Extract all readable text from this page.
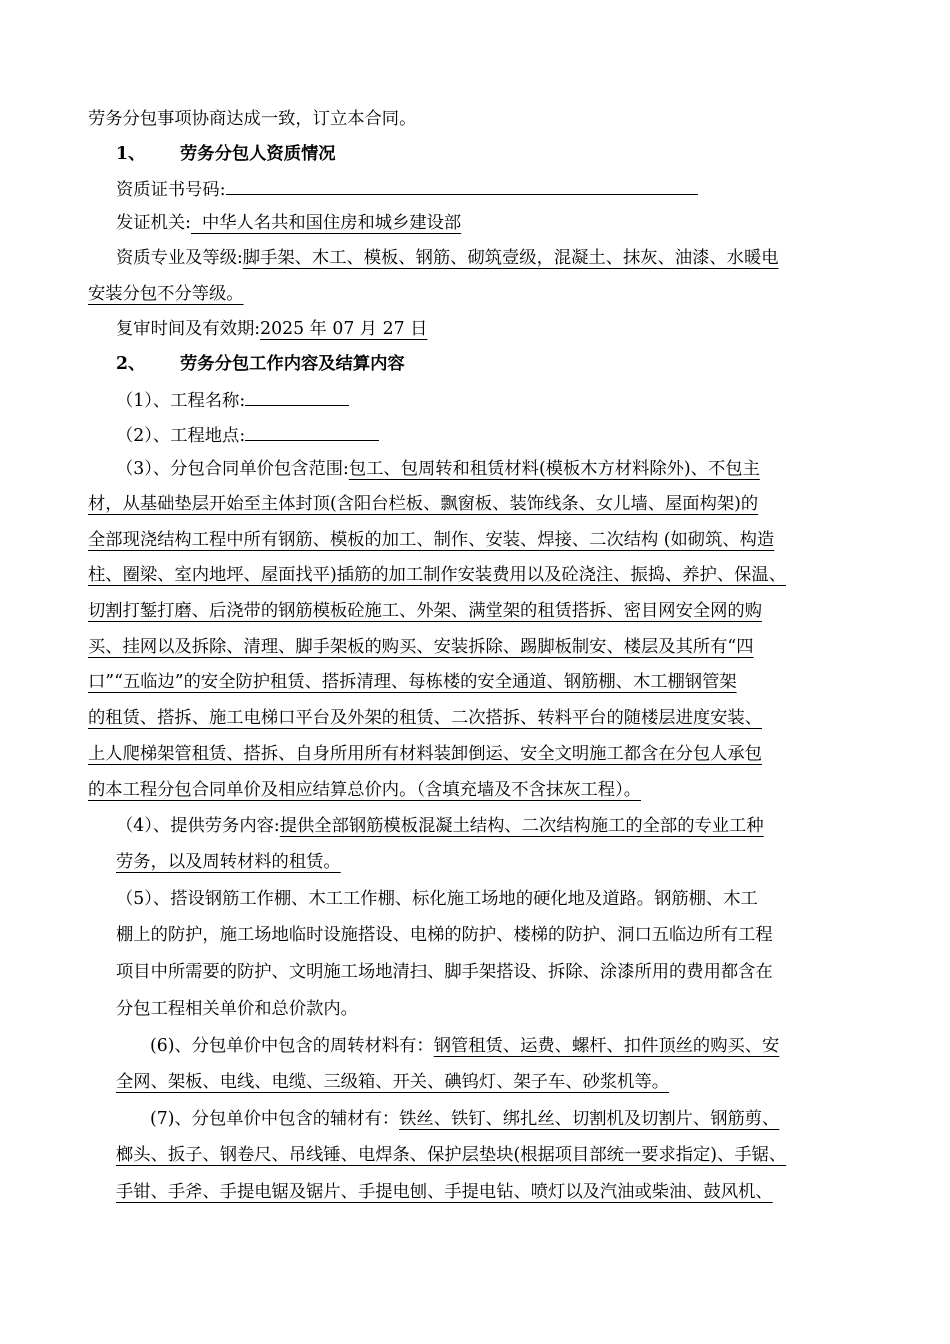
劳务分包事项协商达成一致，订立本合同。
1、 劳务分包人资质情况
资质证书号码:
发证机关:  中华人名共和国住房和城乡建设部
资质专业及等级:脚手架、木工、模板、钢筋、砌筑壹级，混凝土、抹灰、油漆、水暖电
安装分包不分等级。
复审时间及有效期:2025 年 07 月 27 日
2、 劳务分包工作内容及结算内容
（1）、工程名称:
（2）、工程地点:
（3）、分包合同单价包含范围:包工、包周转和租赁材料(模板木方材料除外)、不包主
材，从基础垫层开始至主体封顶(含阳台栏板、飘窗板、装饰线条、女儿墙、屋面构架)的
全部现浇结构工程中所有钢筋、模板的加工、制作、安装、焊接、二次结构 (如砌筑、构造
柱、圈梁、室内地坪、屋面找平)插筋的加工制作安装费用以及砼浇注、振捣、养护、保温、
切割打錾打磨、后浇带的钢筋模板砼施工、外架、满堂架的租赁搭拆、密目网安全网的购
买、挂网以及拆除、清理、脚手架板的购买、安装拆除、踢脚板制安、楼层及其所有“四
口”“五临边”的安全防护租赁、搭拆清理、每栋楼的安全通道、钢筋棚、木工棚钢管架
的租赁、搭拆、施工电梯口平台及外架的租赁、二次搭拆、转料平台的随楼层进度安装、
上人爬梯架管租赁、搭拆、自身所用所有材料装卸倒运、安全文明施工都含在分包人承包
的本工程分包合同单价及相应结算总价内。（含填充墙及不含抹灰工程）。
（4）、提供劳务内容:提供全部钢筋模板混凝土结构、二次结构施工的全部的专业工种
劳务，以及周转材料的租赁。
（5）、搭设钢筋工作棚、木工工作棚、标化施工场地的硬化地及道路。钢筋棚、木工
棚上的防护，施工场地临时设施搭设、电梯的防护、楼梯的防护、洞口五临边所有工程
项目中所需要的防护、文明施工场地清扫、脚手架搭设、拆除、涂漆所用的费用都含在
分包工程相关单价和总价款内。
(6)、分包单价中包含的周转材料有：钢管租赁、运费、螺杆、扣件顶丝的购买、安
全网、架板、电线、电缆、三级箱、开关、碘钨灯、架子车、砂浆机等。
(7)、分包单价中包含的辅材有：铁丝、铁钉、绑扎丝、切割机及切割片、钢筋剪、
榔头、扳子、钢卷尺、吊线锤、电焊条、保护层垫块(根据项目部统一要求指定)、手锯、
手钳、手斧、手提电锯及锯片、手提电刨、手提电钻、喷灯以及汽油或柴油、鼓风机、
